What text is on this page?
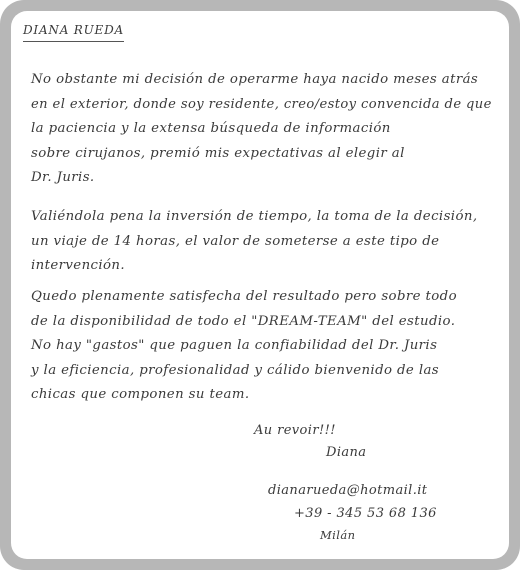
DIANA RUEDA
No obstante mi decisión de operarme haya nacido meses atrás
en el exterior, donde soy residente, creo/estoy convencida de que
la paciencia y la extensa búsqueda de información
sobre cirujanos, premió mis expectativas al elegir al
Dr. Juris.
Valiéndola pena la inversión de tiempo, la toma de la decisión,
un viaje de 14 horas, el valor de someterse a este tipo de
intervención.
Quedo plenamente satisfecha del resultado pero sobre todo
de la disponibilidad de todo el "DREAM-TEAM" del estudio.
No hay "gastos" que paguen la confiabilidad del Dr. Juris
y la eficiencia, profesionalidad y cálido bienvenido de las
chicas que componen su team.
Au revoir!!!
Diana
dianarueda@hotmail.it
+39 - 345 53 68 136
Milán
